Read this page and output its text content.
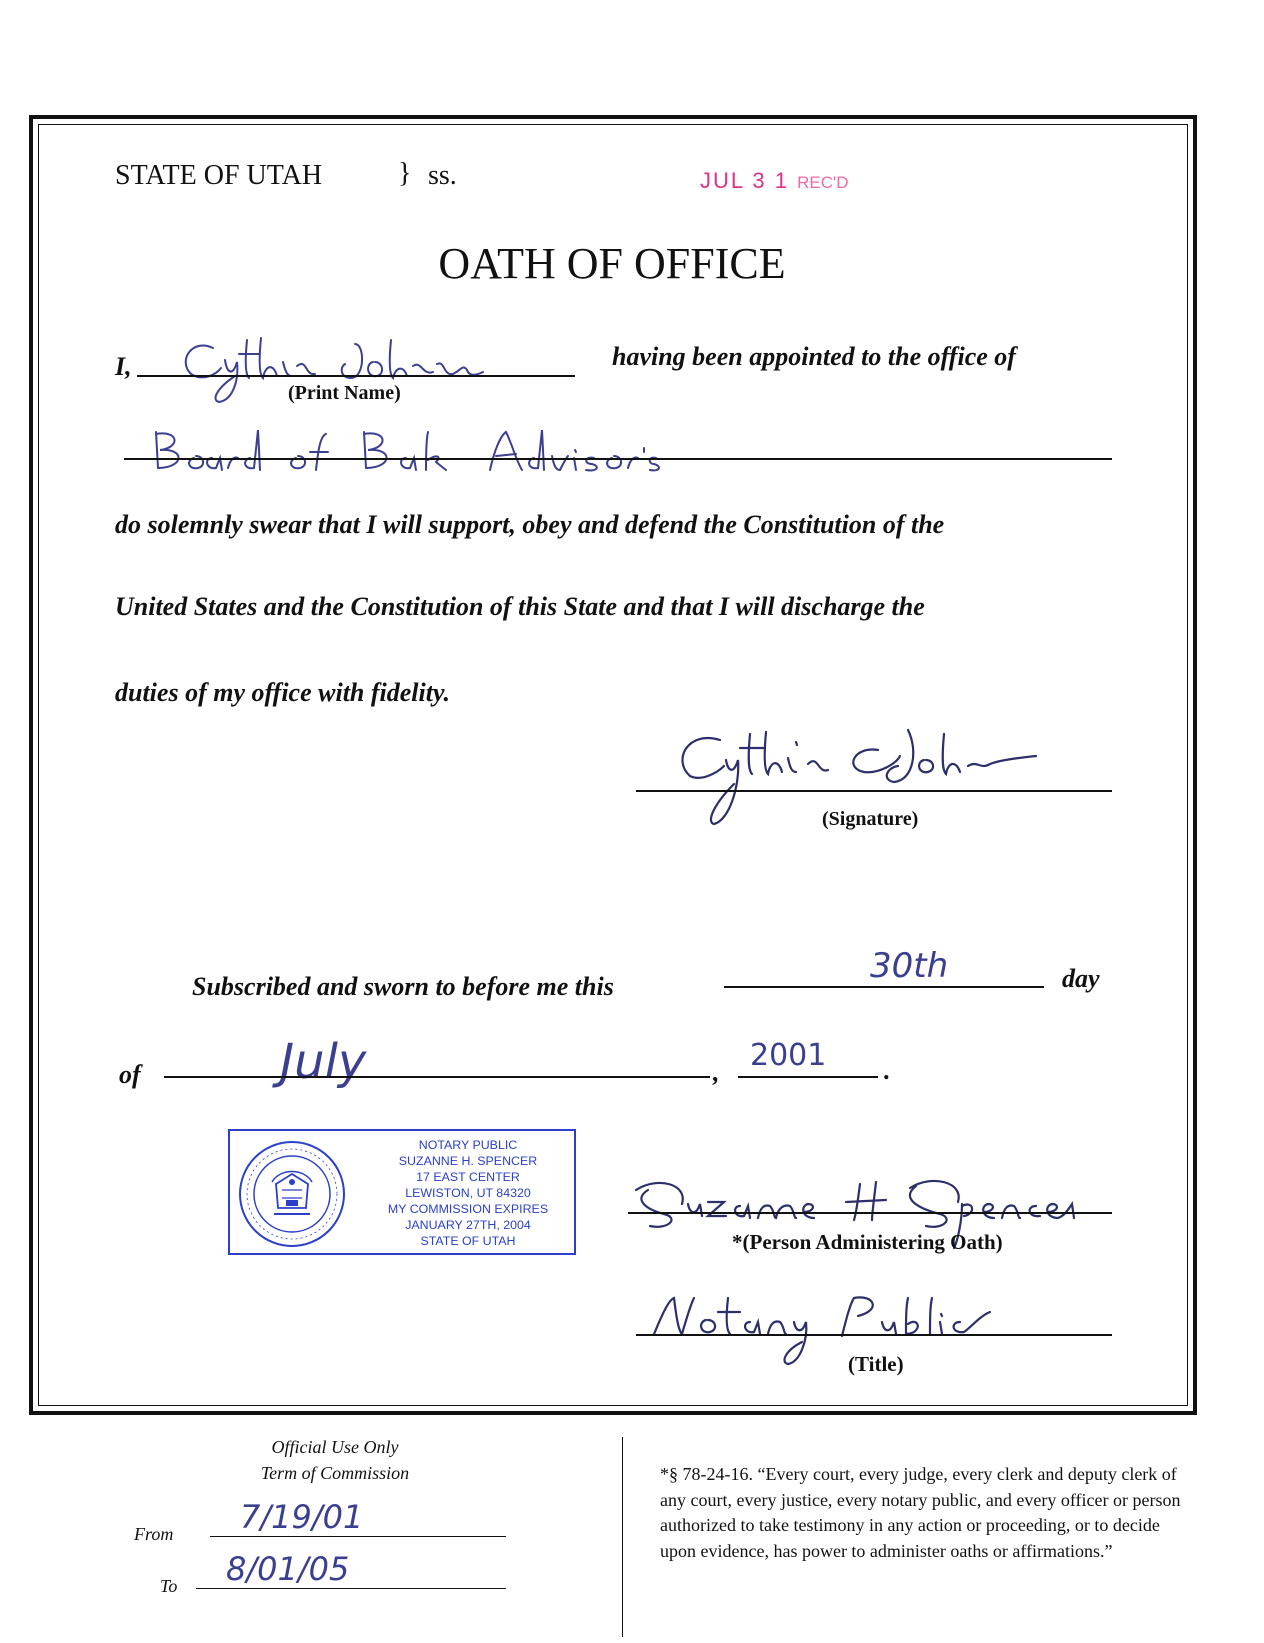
STATE OF UTAH	} ss.	JUL 3 1 REC'D
OATH OF OFFICE
I,
(Print Name)
having been appointed to the office of
do solemnly swear that I will support, obey and defend the Constitution of the
United States and the Constitution of this State and that I will discharge the
duties of my office with fidelity.
(Signature)
Subscribed and sworn to before me this
30th	day
of	July	, 2001 .
NOTARY PUBLIC
SUZANNE H. SPENCER
17 EAST CENTER
LEWISTON, UT 84320
MY COMMISSION EXPIRES
JANUARY 27TH, 2004
STATE OF UTAH	*(Person Administering Oath)
(Title)
Official Use Only
Term of Commission
From 7/19/01
To 8/01/05
*§ 78-24-16. “Every court, every judge, every clerk and deputy clerk of any court, every justice, every notary public, and every officer or person authorized to take testimony in any action or proceeding, or to decide upon evidence, has power to administer oaths or affirmations.”
